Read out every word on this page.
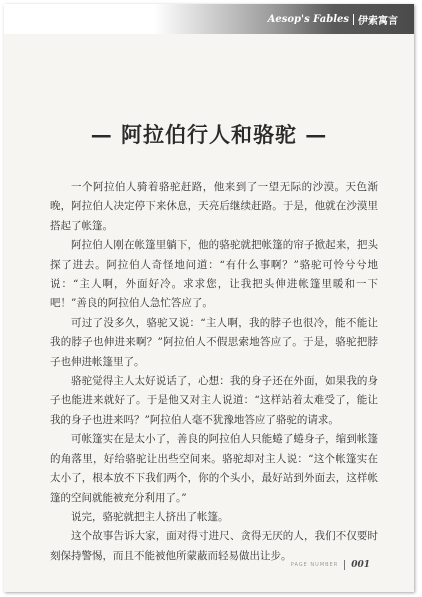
Aesop's Fables 伊索寓言
— 阿拉伯行人和骆驼 —

一个阿拉伯人骑着骆驼赶路，他来到了一望无际的沙漠。天色渐晚，阿拉伯人决定停下来休息，天亮后继续赶路。于是，他就在沙漠里搭起了帐篷。

阿拉伯人刚在帐篷里躺下，他的骆驼就把帐篷的帘子掀起来，把头探了进去。阿拉伯人奇怪地问道：“有什么事啊？”骆驼可怜兮兮地说：“主人啊，外面好冷。求求您，让我把头伸进帐篷里暖和一下吧！”善良的阿拉伯人急忙答应了。

可过了没多久，骆驼又说：“主人啊，我的脖子也很冷，能不能让我的脖子也伸进来啊？”阿拉伯人不假思索地答应了。于是，骆驼把脖子也伸进帐篷里了。

骆驼觉得主人太好说话了，心想：我的身子还在外面，如果我的身子也能进来就好了。于是他又对主人说道：“这样站着太难受了，能让我的身子也进来吗？”阿拉伯人毫不犹豫地答应了骆驼的请求。

可帐篷实在是太小了，善良的阿拉伯人只能蜷了蜷身子，缩到帐篷的角落里，好给骆驼让出些空间来。骆驼却对主人说：“这个帐篷实在太小了，根本放不下我们两个，你的个头小，最好站到外面去，这样帐篷的空间就能被充分利用了。”

说完，骆驼就把主人挤出了帐篷。

这个故事告诉大家，面对得寸进尺、贪得无厌的人，我们不仅要时刻保持警惕，而且不能被他所蒙蔽而轻易做出让步。

PAGE NUMBER 001
